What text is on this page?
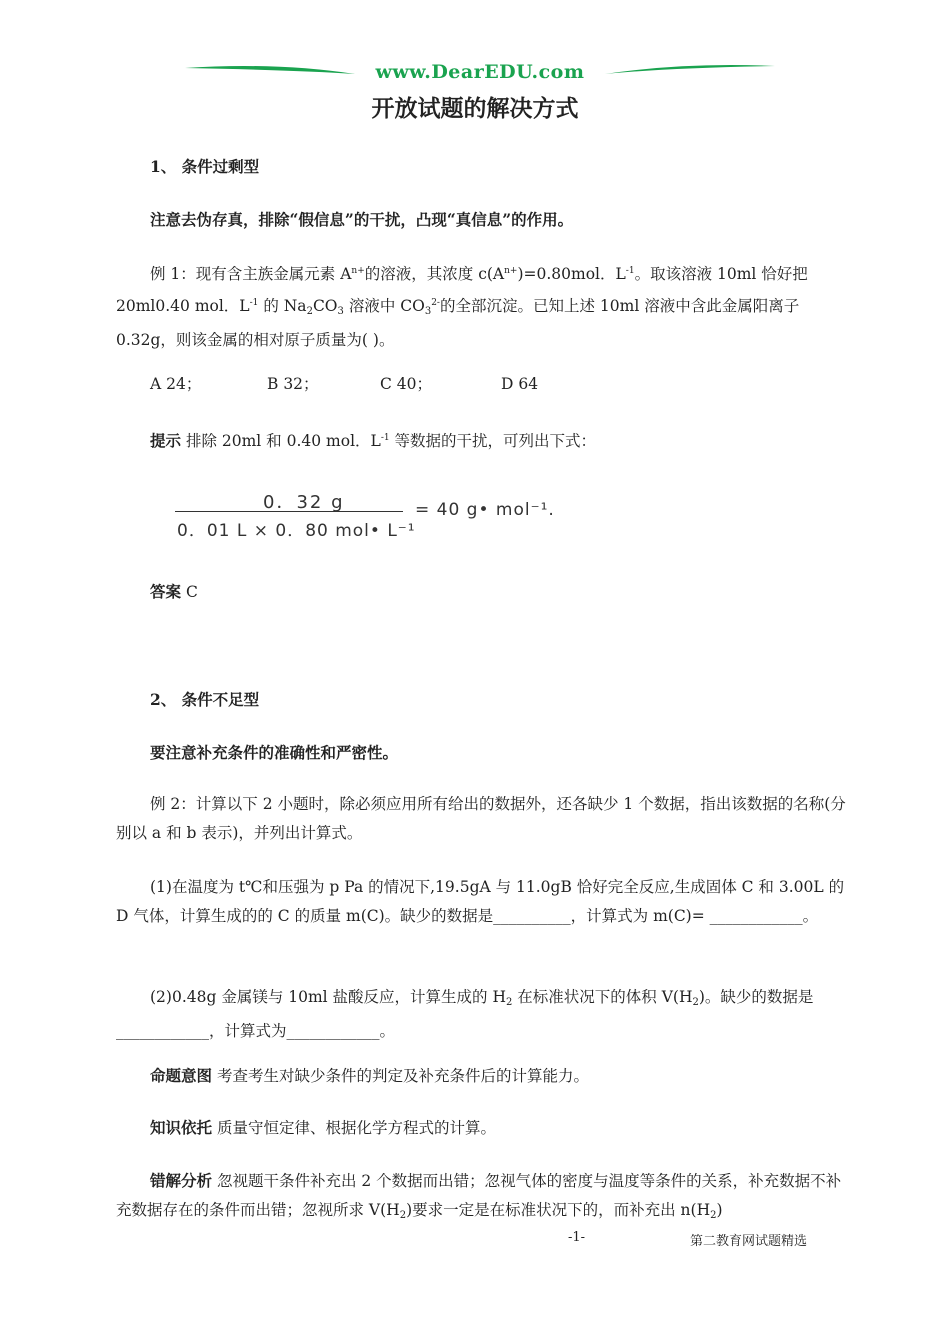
www.DearEDU.com
开放试题的解决方式
1、 条件过剩型
注意去伪存真，排除“假信息”的干扰，凸现“真信息”的作用。
例 1：现有含主族金属元素 $A^{n+}$的溶液，其浓度 $c(A^{n+})=0.80mol$．$L^{-1}$。取该溶液 10ml 恰好把 20ml0.40 mol．$L^{-1}$ 的 $Na_2CO_3$ 溶液中 $CO_3^{2-}$的全部沉淀。已知上述 10ml 溶液中含此金属阳离子 0.32g，则该金属的相对原子质量为( )。
A 24；	B 32；	C 40；	D 64
提示 排除 20ml 和 0.40 mol．$L^{-1}$ 等数据的干扰，可列出下式：
0．32 g
0．01 L × 0．80 mol• L⁻¹
= 40 g• mol⁻¹.
答案 C
2、 条件不足型
要注意补充条件的准确性和严密性。
例 2：计算以下 2 小题时，除必须应用所有给出的数据外，还各缺少 1 个数据，指出该数据的名称(分别以 a 和 b 表示)，并列出计算式。
(1)在温度为 t℃和压强为 p Pa 的情况下,19.5gA 与 11.0gB 恰好完全反应,生成固体 C 和 3.00L 的 D 气体，计算生成的的 C 的质量 m(C)。缺少的数据是__________，计算式为 m(C)= ____________。
(2)0.48g 金属镁与 10ml 盐酸反应，计算生成的 $H_2$ 在标准状况下的体积 $V(H_2)$。缺少的数据是____________，计算式为____________。
命题意图 考查考生对缺少条件的判定及补充条件后的计算能力。
知识依托 质量守恒定律、根据化学方程式的计算。
错解分析 忽视题干条件补充出 2 个数据而出错；忽视气体的密度与温度等条件的关系，补充数据不补充数据存在的条件而出错；忽视所求 $V(H_2)$要求一定是在标准状况下的，而补充出 $n(H_2)$
-1-	第二教育网试题精选
